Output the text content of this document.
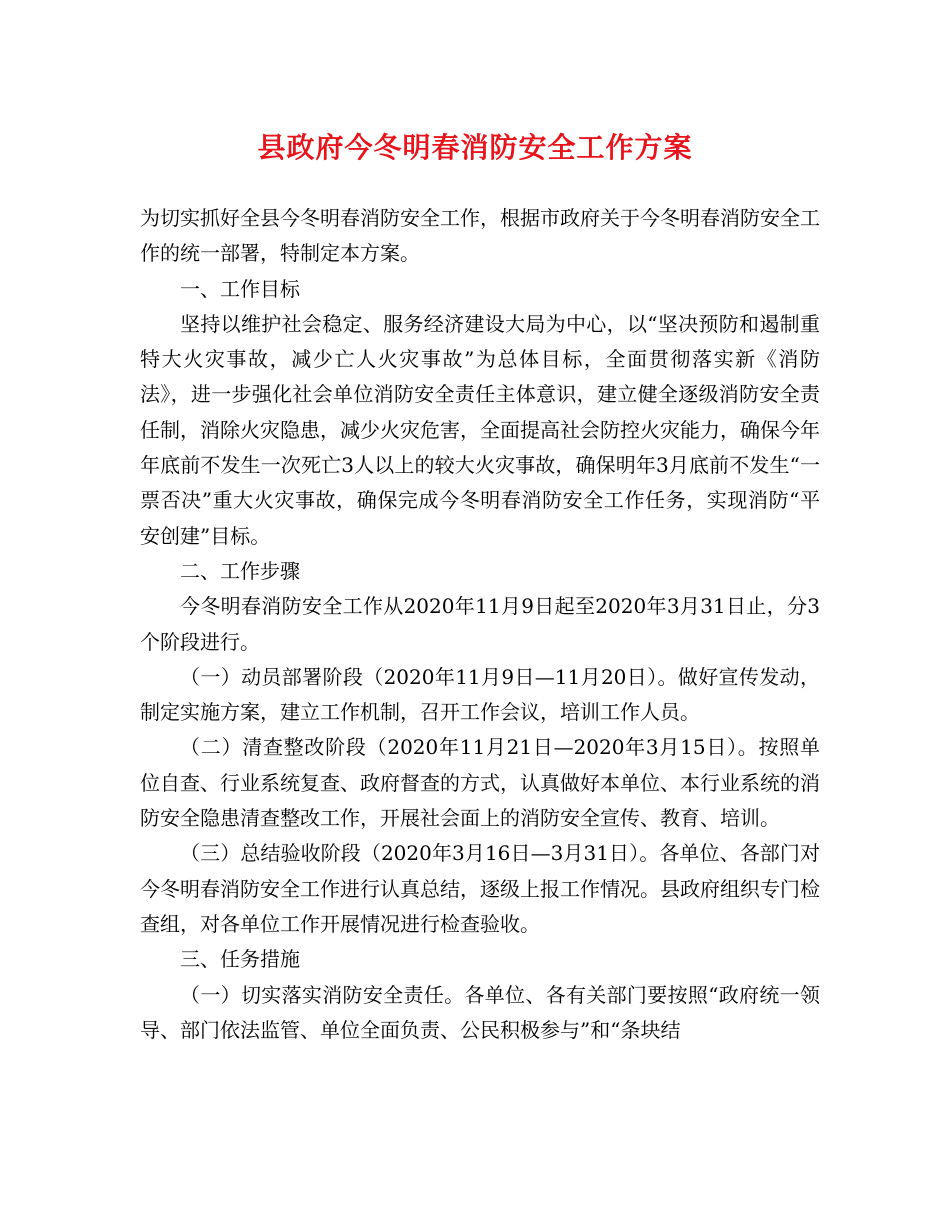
县政府今冬明春消防安全工作方案

为切实抓好全县今冬明春消防安全工作，根据市政府关于今冬明春消防安全工作的统一部署，特制定本方案。

一、工作目标

坚持以维护社会稳定、服务经济建设大局为中心，以“坚决预防和遏制重特大火灾事故，减少亡人火灾事故”为总体目标，全面贯彻落实新《消防法》，进一步强化社会单位消防安全责任主体意识，建立健全逐级消防安全责任制，消除火灾隐患，减少火灾危害，全面提高社会防控火灾能力，确保今年年底前不发生一次死亡3人以上的较大火灾事故，确保明年3月底前不发生“一票否决”重大火灾事故，确保完成今冬明春消防安全工作任务，实现消防“平安创建”目标。

二、工作步骤

今冬明春消防安全工作从2020年11月9日起至2020年3月31日止，分3个阶段进行。

（一）动员部署阶段（2020年11月9日—11月20日）。做好宣传发动，制定实施方案，建立工作机制，召开工作会议，培训工作人员。

（二）清查整改阶段（2020年11月21日—2020年3月15日）。按照单位自查、行业系统复查、政府督查的方式，认真做好本单位、本行业系统的消防安全隐患清查整改工作，开展社会面上的消防安全宣传、教育、培训。

（三）总结验收阶段（2020年3月16日—3月31日）。各单位、各部门对今冬明春消防安全工作进行认真总结，逐级上报工作情况。县政府组织专门检查组，对各单位工作开展情况进行检查验收。

三、任务措施

（一）切实落实消防安全责任。各单位、各有关部门要按照“政府统一领导、部门依法监管、单位全面负责、公民积极参与”和“条块结
